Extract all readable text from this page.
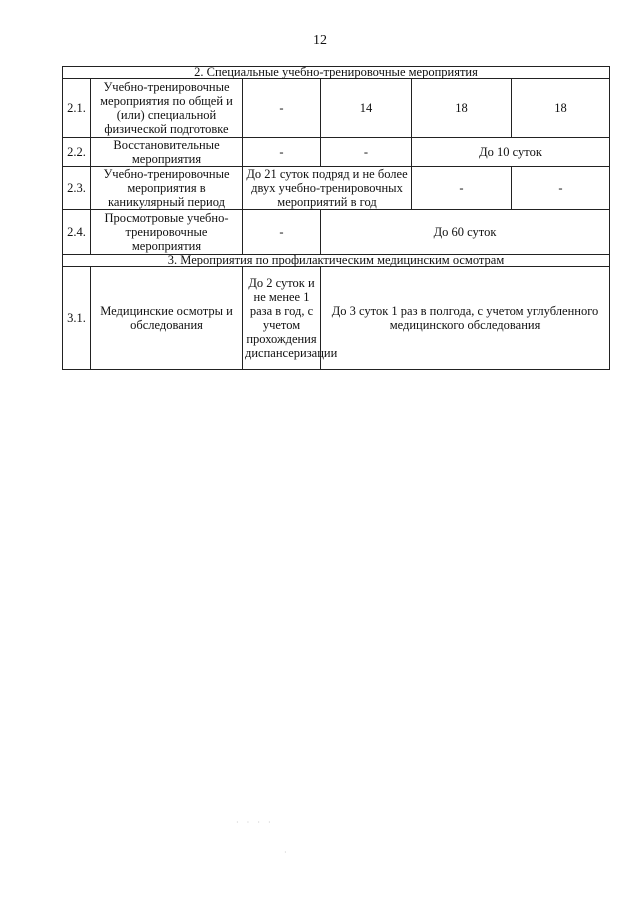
12
2. Специальные учебно-тренировочные мероприятия					
2.1.	Учебно-тренировочные мероприятия по общей и (или) специальной физической подготовке	-	14	18	18
2.2.	Восстановительные мероприятия	-	-	До 10 суток	
2.3.	Учебно-тренировочные мероприятия в каникулярный период	До 21 суток подряд и не более двух учебно-тренировочных мероприятий в год		-	-
2.4.	Просмотровые учебно-тренировочные мероприятия	-	До 60 суток		
3. Мероприятия по профилактическим медицинским осмотрам					
3.1.	Медицинские осмотры и обследования	До 2 суток и не менее 1 раза в год, с учетом прохождения диспансеризации	До 3 суток 1 раз в полгода, с учетом углубленного медицинского обследования		
· · · ·
·
